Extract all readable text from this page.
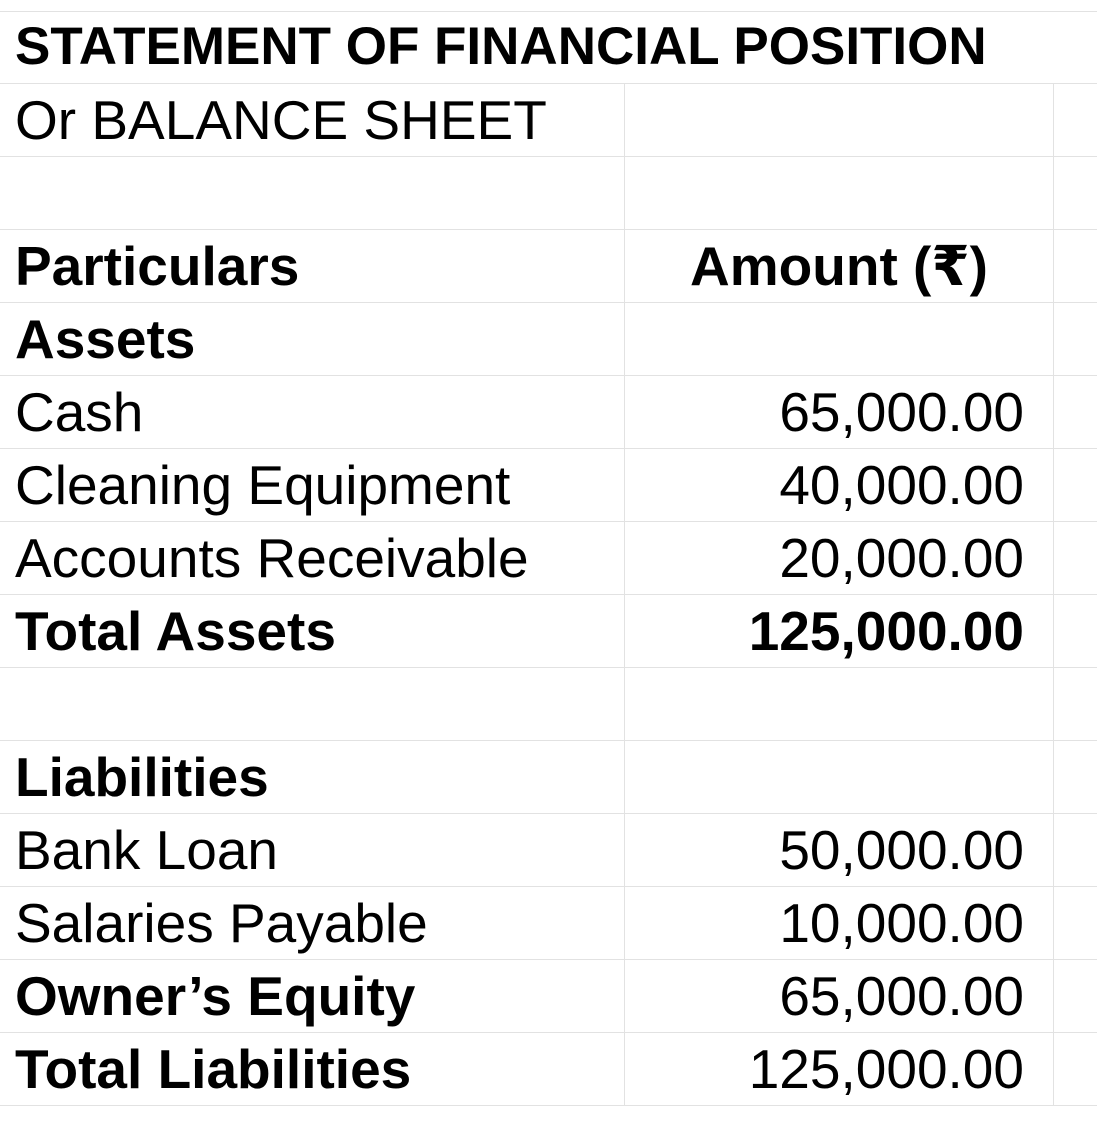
STATEMENT OF FINANCIAL POSITION
Or BALANCE SHEET
Particulars	Amount (₹)
Assets
Cash	65,000.00
Cleaning Equipment	40,000.00
Accounts Receivable	20,000.00
Total Assets	125,000.00
Liabilities
Bank Loan	50,000.00
Salaries Payable	10,000.00
Owner’s Equity	65,000.00
Total Liabilities	125,000.00
